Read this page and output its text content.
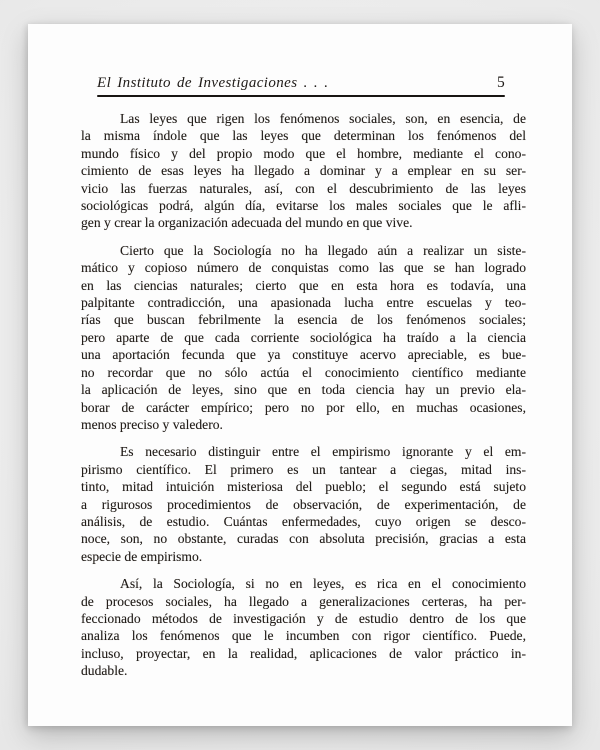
El Instituto de Investigaciones . . .	5
Las leyes que rigen los fenómenos sociales, son, en esencia, de
la misma índole que las leyes que determinan los fenómenos del
mundo físico y del propio modo que el hombre, mediante el cono-
cimiento de esas leyes ha llegado a dominar y a emplear en su ser-
vicio las fuerzas naturales, así, con el descubrimiento de las leyes
sociológicas podrá, algún día, evitarse los males sociales que le afli-
gen y crear la organización adecuada del mundo en que vive.
Cierto que la Sociología no ha llegado aún a realizar un siste-
mático y copioso número de conquistas como las que se han logrado
en las ciencias naturales; cierto que en esta hora es todavía, una
palpitante contradicción, una apasionada lucha entre escuelas y teo-
rías que buscan febrilmente la esencia de los fenómenos sociales;
pero aparte de que cada corriente sociológica ha traído a la ciencia
una aportación fecunda que ya constituye acervo apreciable, es bue-
no recordar que no sólo actúa el conocimiento científico mediante
la aplicación de leyes, sino que en toda ciencia hay un previo ela-
borar de carácter empírico; pero no por ello, en muchas ocasiones,
menos preciso y valedero.
Es necesario distinguir entre el empirismo ignorante y el em-
pirismo científico. El primero es un tantear a ciegas, mitad ins-
tinto, mitad intuición misteriosa del pueblo; el segundo está sujeto
a rigurosos procedimientos de observación, de experimentación, de
análisis, de estudio. Cuántas enfermedades, cuyo origen se desco-
noce, son, no obstante, curadas con absoluta precisión, gracias a esta
especie de empirismo.
Así, la Sociología, si no en leyes, es rica en el conocimiento
de procesos sociales, ha llegado a generalizaciones certeras, ha per-
feccionado métodos de investigación y de estudio dentro de los que
analiza los fenómenos que le incumben con rigor científico. Puede,
incluso, proyectar, en la realidad, aplicaciones de valor práctico in-
dudable.
